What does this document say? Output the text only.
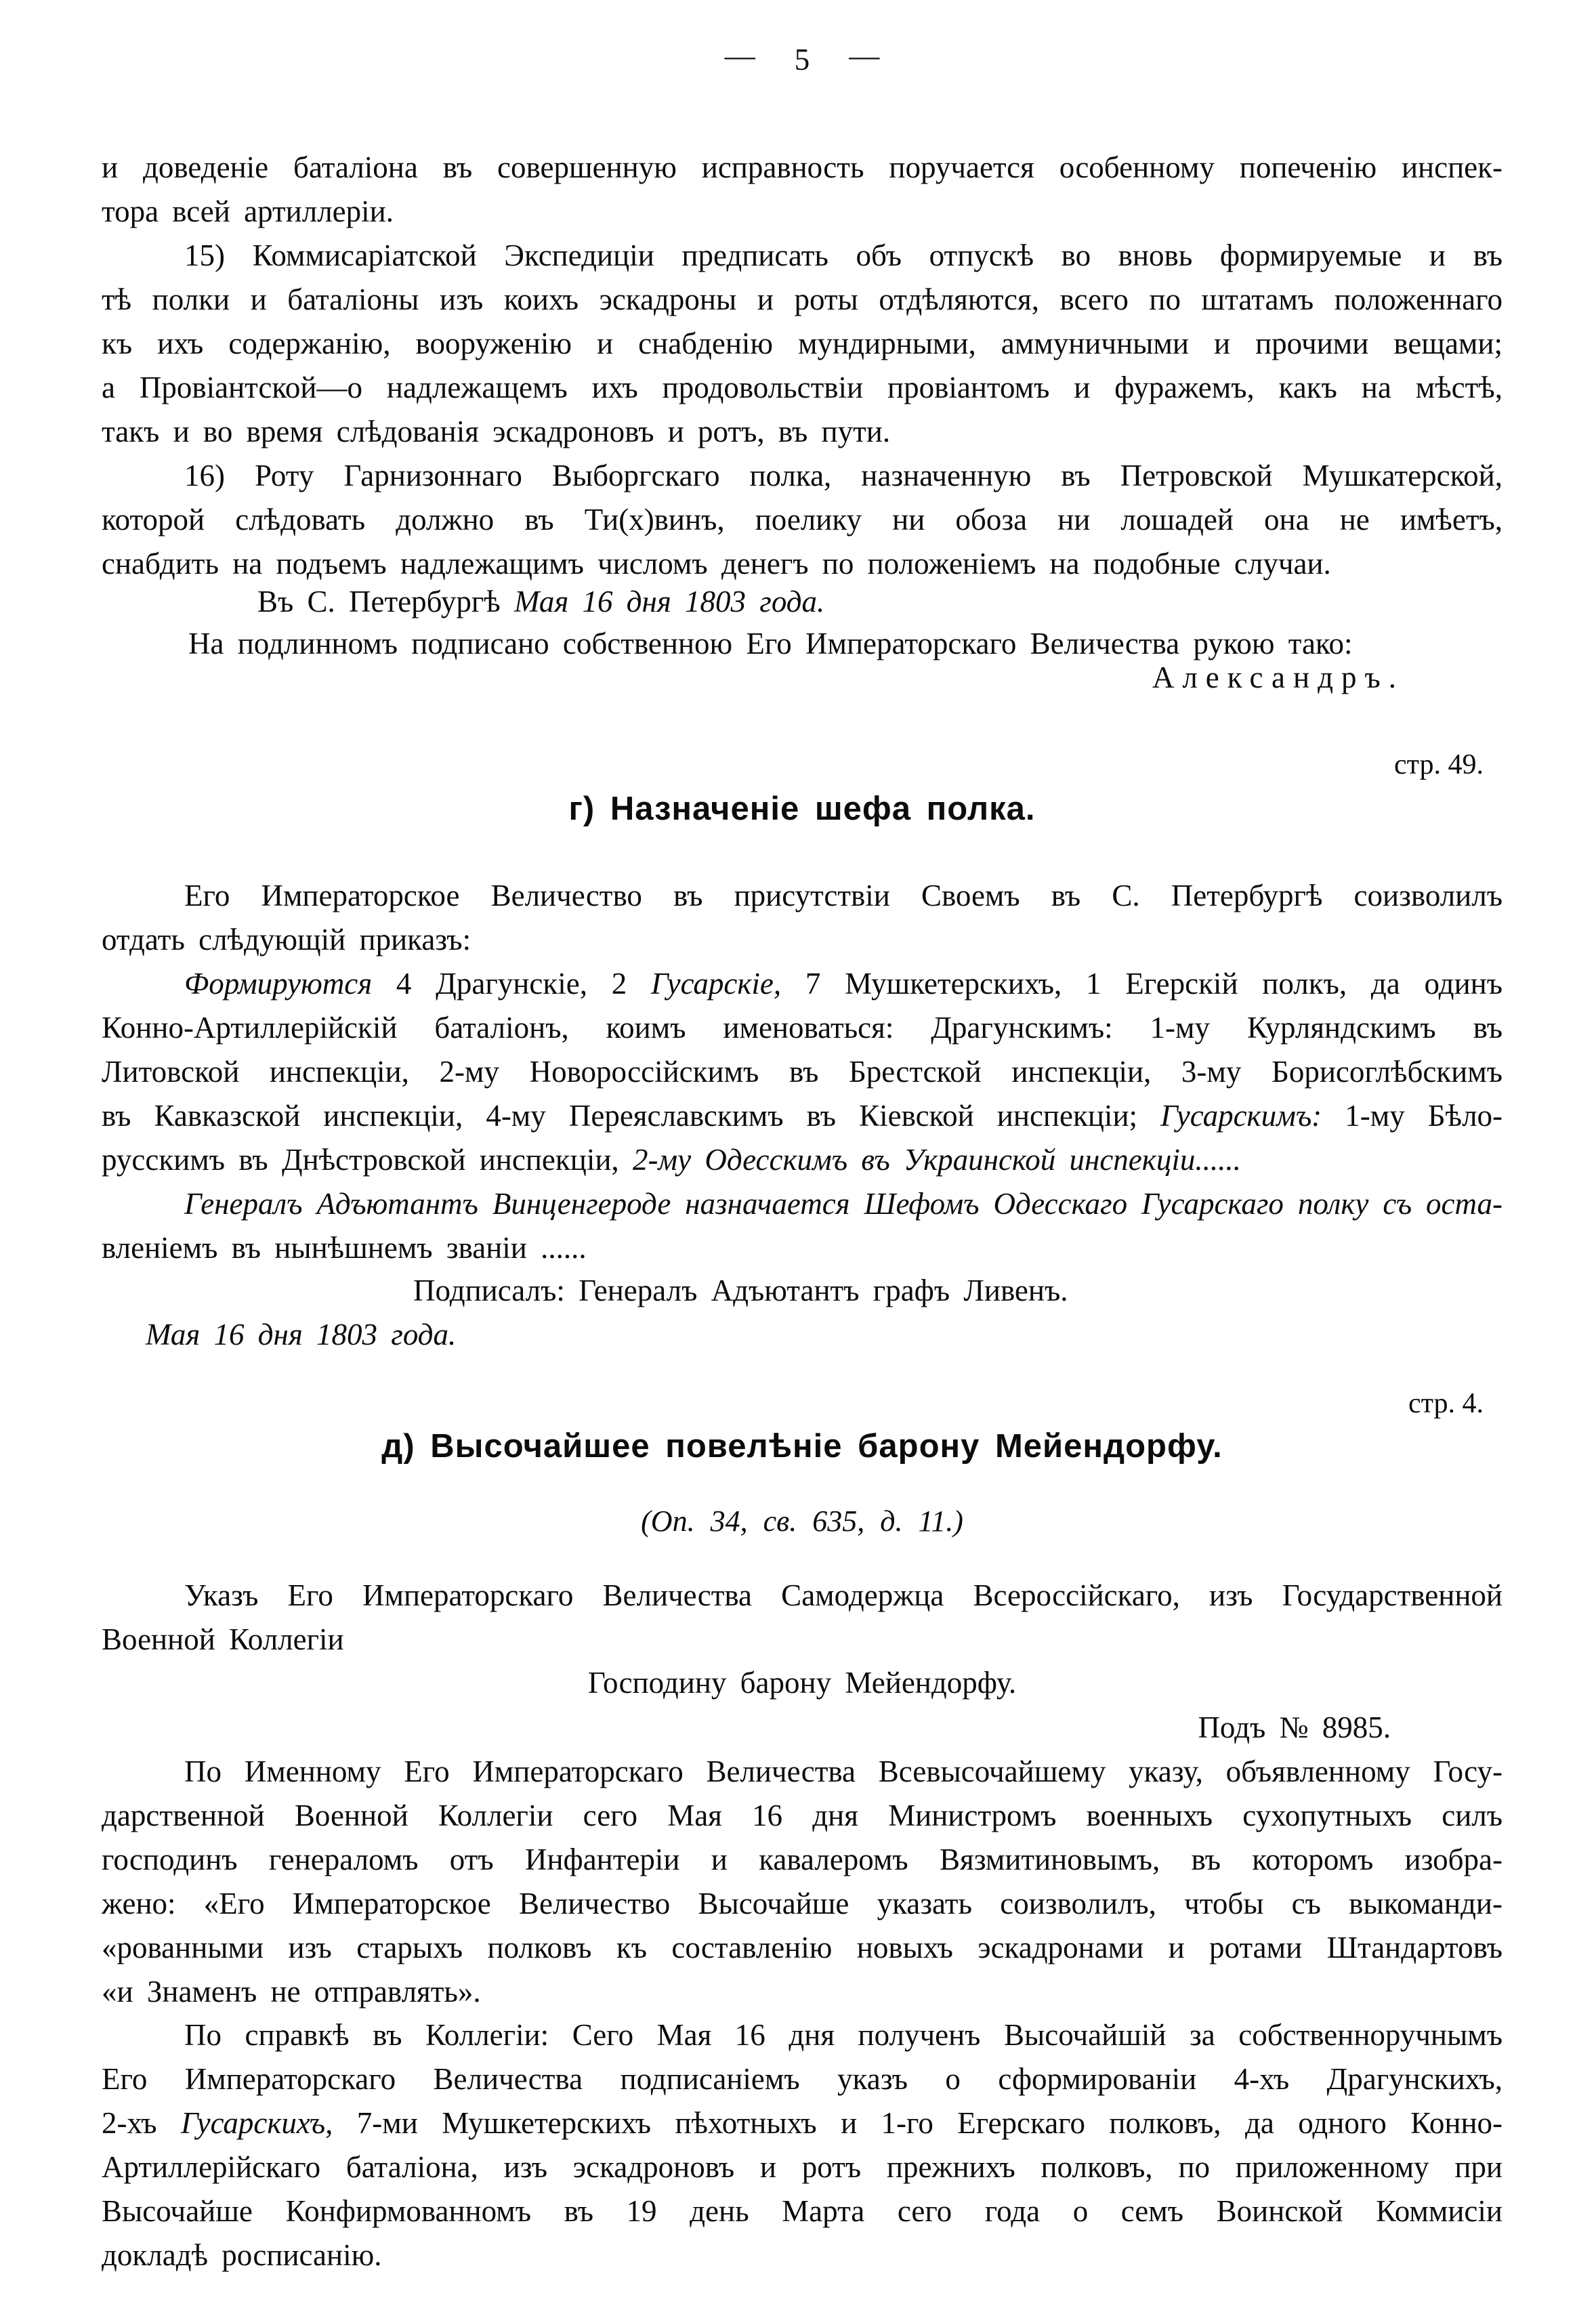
— 5 —
и доведеніе баталіона въ совершенную исправность поручается особенному попеченію инспек-
тора всей артиллеріи.
15) Коммисаріатской Экспедиціи предписать объ отпускѣ во вновь формируемые и въ
тѣ полки и баталіоны изъ коихъ эскадроны и роты отдѣляются, всего по штатамъ положеннаго
къ ихъ содержанію, вооруженію и снабденію мундирными, аммуничными и прочими вещами;
а Провіантской—о надлежащемъ ихъ продовольствіи провіантомъ и фуражемъ, какъ на мѣстѣ,
такъ и во время слѣдованія эскадроновъ и ротъ, въ пути.
16) Роту Гарнизоннаго Выборгскаго полка, назначенную въ Петровской Мушкатерской,
которой слѣдовать должно въ Ти(х)винъ, поелику ни обоза ни лошадей она не имѣетъ,
снабдить на подъемъ надлежащимъ числомъ денегъ по положеніемъ на подобные случаи.
Въ С. Петербургѣ Мая 16 дня 1803 года.
На подлинномъ подписано собственною Его Императорскаго Величества рукою тако:
Александръ.
стр. 49.
г) Назначеніе шефа полка.
Его Императорское Величество въ присутствіи Своемъ въ С. Петербургѣ соизволилъ
отдать слѣдующій приказъ:
Формируются 4 Драгунскіе, 2 Гусарскіе, 7 Мушкетерскихъ, 1 Егерскій полкъ, да одинъ
Конно-Артиллерійскій баталіонъ, коимъ именоваться: Драгунскимъ: 1-му Курляндскимъ въ
Литовской инспекціи, 2-му Новороссійскимъ въ Брестской инспекціи, 3-му Борисоглѣбскимъ
въ Кавказской инспекціи, 4-му Переяславскимъ въ Кіевской инспекціи; Гусарскимъ: 1-му Бѣло-
русскимъ въ Днѣстровской инспекціи, 2-му Одесскимъ въ Украинской инспекціи......
Генералъ Адъютантъ Винценгероде назначается Шефомъ Одесскаго Гусарскаго полку съ оста-
вленіемъ въ нынѣшнемъ званіи ......
Подписалъ: Генералъ Адъютантъ графъ Ливенъ.
Мая 16 дня 1803 года.
стр. 4.
д) Высочайшее повелѣніе барону Мейендорфу.
(Оп. 34, св. 635, д. 11.)
Указъ Его Императорскаго Величества Самодержца Всероссійскаго, изъ Государственной
Военной Коллегіи
Господину барону Мейендорфу.
Подъ № 8985.
По Именному Его Императорскаго Величества Всевысочайшему указу, объявленному Госу-
дарственной Военной Коллегіи сего Мая 16 дня Министромъ военныхъ сухопутныхъ силъ
господинъ генераломъ отъ Инфантеріи и кавалеромъ Вязмитиновымъ, въ которомъ изобра-
жено: «Его Императорское Величество Высочайше указать соизволилъ, чтобы съ выкоманди-
«рованными изъ старыхъ полковъ къ составленію новыхъ эскадронами и ротами Штандартовъ
«и Знаменъ не отправлять».
По справкѣ въ Коллегіи: Сего Мая 16 дня полученъ Высочайшій за собственноручнымъ
Его Императорскаго Величества подписаніемъ указъ о сформированіи 4-хъ Драгунскихъ,
2-хъ Гусарскихъ, 7-ми Мушкетерскихъ пѣхотныхъ и 1-го Егерскаго полковъ, да одного Конно-
Артиллерійскаго баталіона, изъ эскадроновъ и ротъ прежнихъ полковъ, по приложенному при
Высочайше Конфирмованномъ въ 19 день Марта сего года о семъ Воинской Коммисіи
докладѣ росписанію.
